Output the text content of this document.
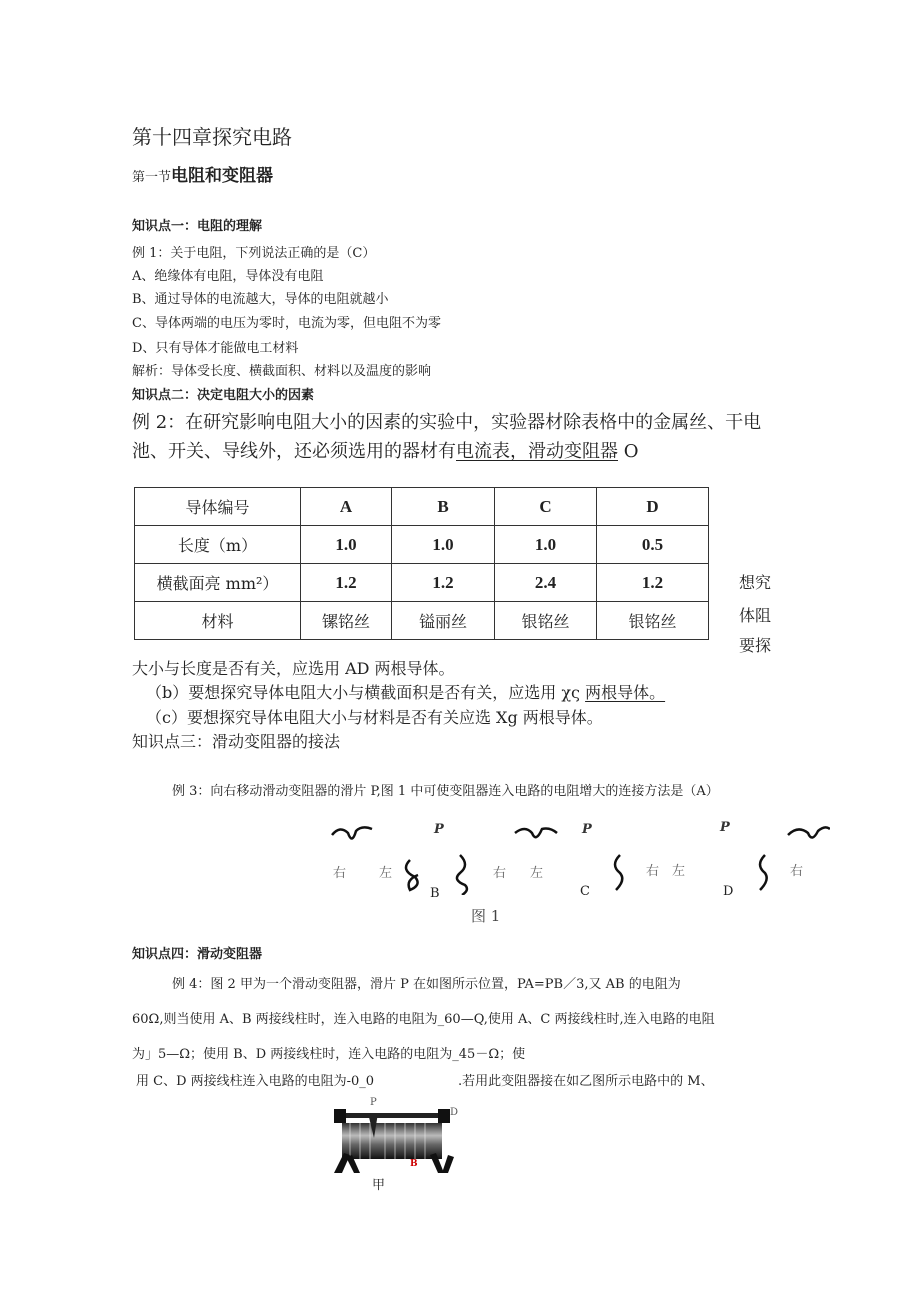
第十四章探究电路
第一节电阻和变阻器
知识点一：电阻的理解
例 1：关于电阻，下列说法正确的是（C）
A、绝缘体有电阻，导体没有电阻
B、通过导体的电流越大，导体的电阻就越小
C、导体两端的电压为零时，电流为零，但电阻不为零
D、只有导体才能做电工材料
解析：导体受长度、横截面积、材料以及温度的影响
知识点二：决定电阻大小的因素
例 2：在研究影响电阻大小的因素的实验中，实验器材除表格中的金属丝、干电
池、开关、导线外，还必须选用的器材有电流表，滑动变阻器 O
导体编号	A	B	C	D
长度（m）	1.0	1.0	1.0	0.5
横截面亮 mm²）	1.2	1.2	2.4	1.2
材料	镙铭丝	镒丽丝	银铭丝	银铭丝
想究
体阻
要探
大小与长度是否有关，应选用 AD 两根导体。
（b）要想探究导体电阻大小与横截面积是否有关，应选用 χς 两根导体。
（c）要想探究导体电阻大小与材料是否有关应选 Xg 两根导体。
知识点三：滑动变阻器的接法
例 3：向右移动滑动变阻器的滑片 P,图 1 中可使变阻器连入电路的电阻增大的连接方法是（A）
右	左
P
B
右 左
P
C
右 左
P
D
右
图 1
知识点四：滑动变阻器
例 4：图 2 甲为一个滑动变阻器，滑片 P 在如图所示位置，PA=PB／3,又 AB 的电阻为
60Ω,则当使用 A、B 两接线柱时，连入电路的电阻为_60—Q,使用 A、C 两接线柱时,连入电路的电阻
为」5—Ω；使用 B、D 两接线柱时，连入电路的电阻为_45－Ω；使
用 C、D 两接线柱连入电路的电阻为-0_0	.若用此变阻器接在如乙图所示电路中的 M、
P
D
B
甲
